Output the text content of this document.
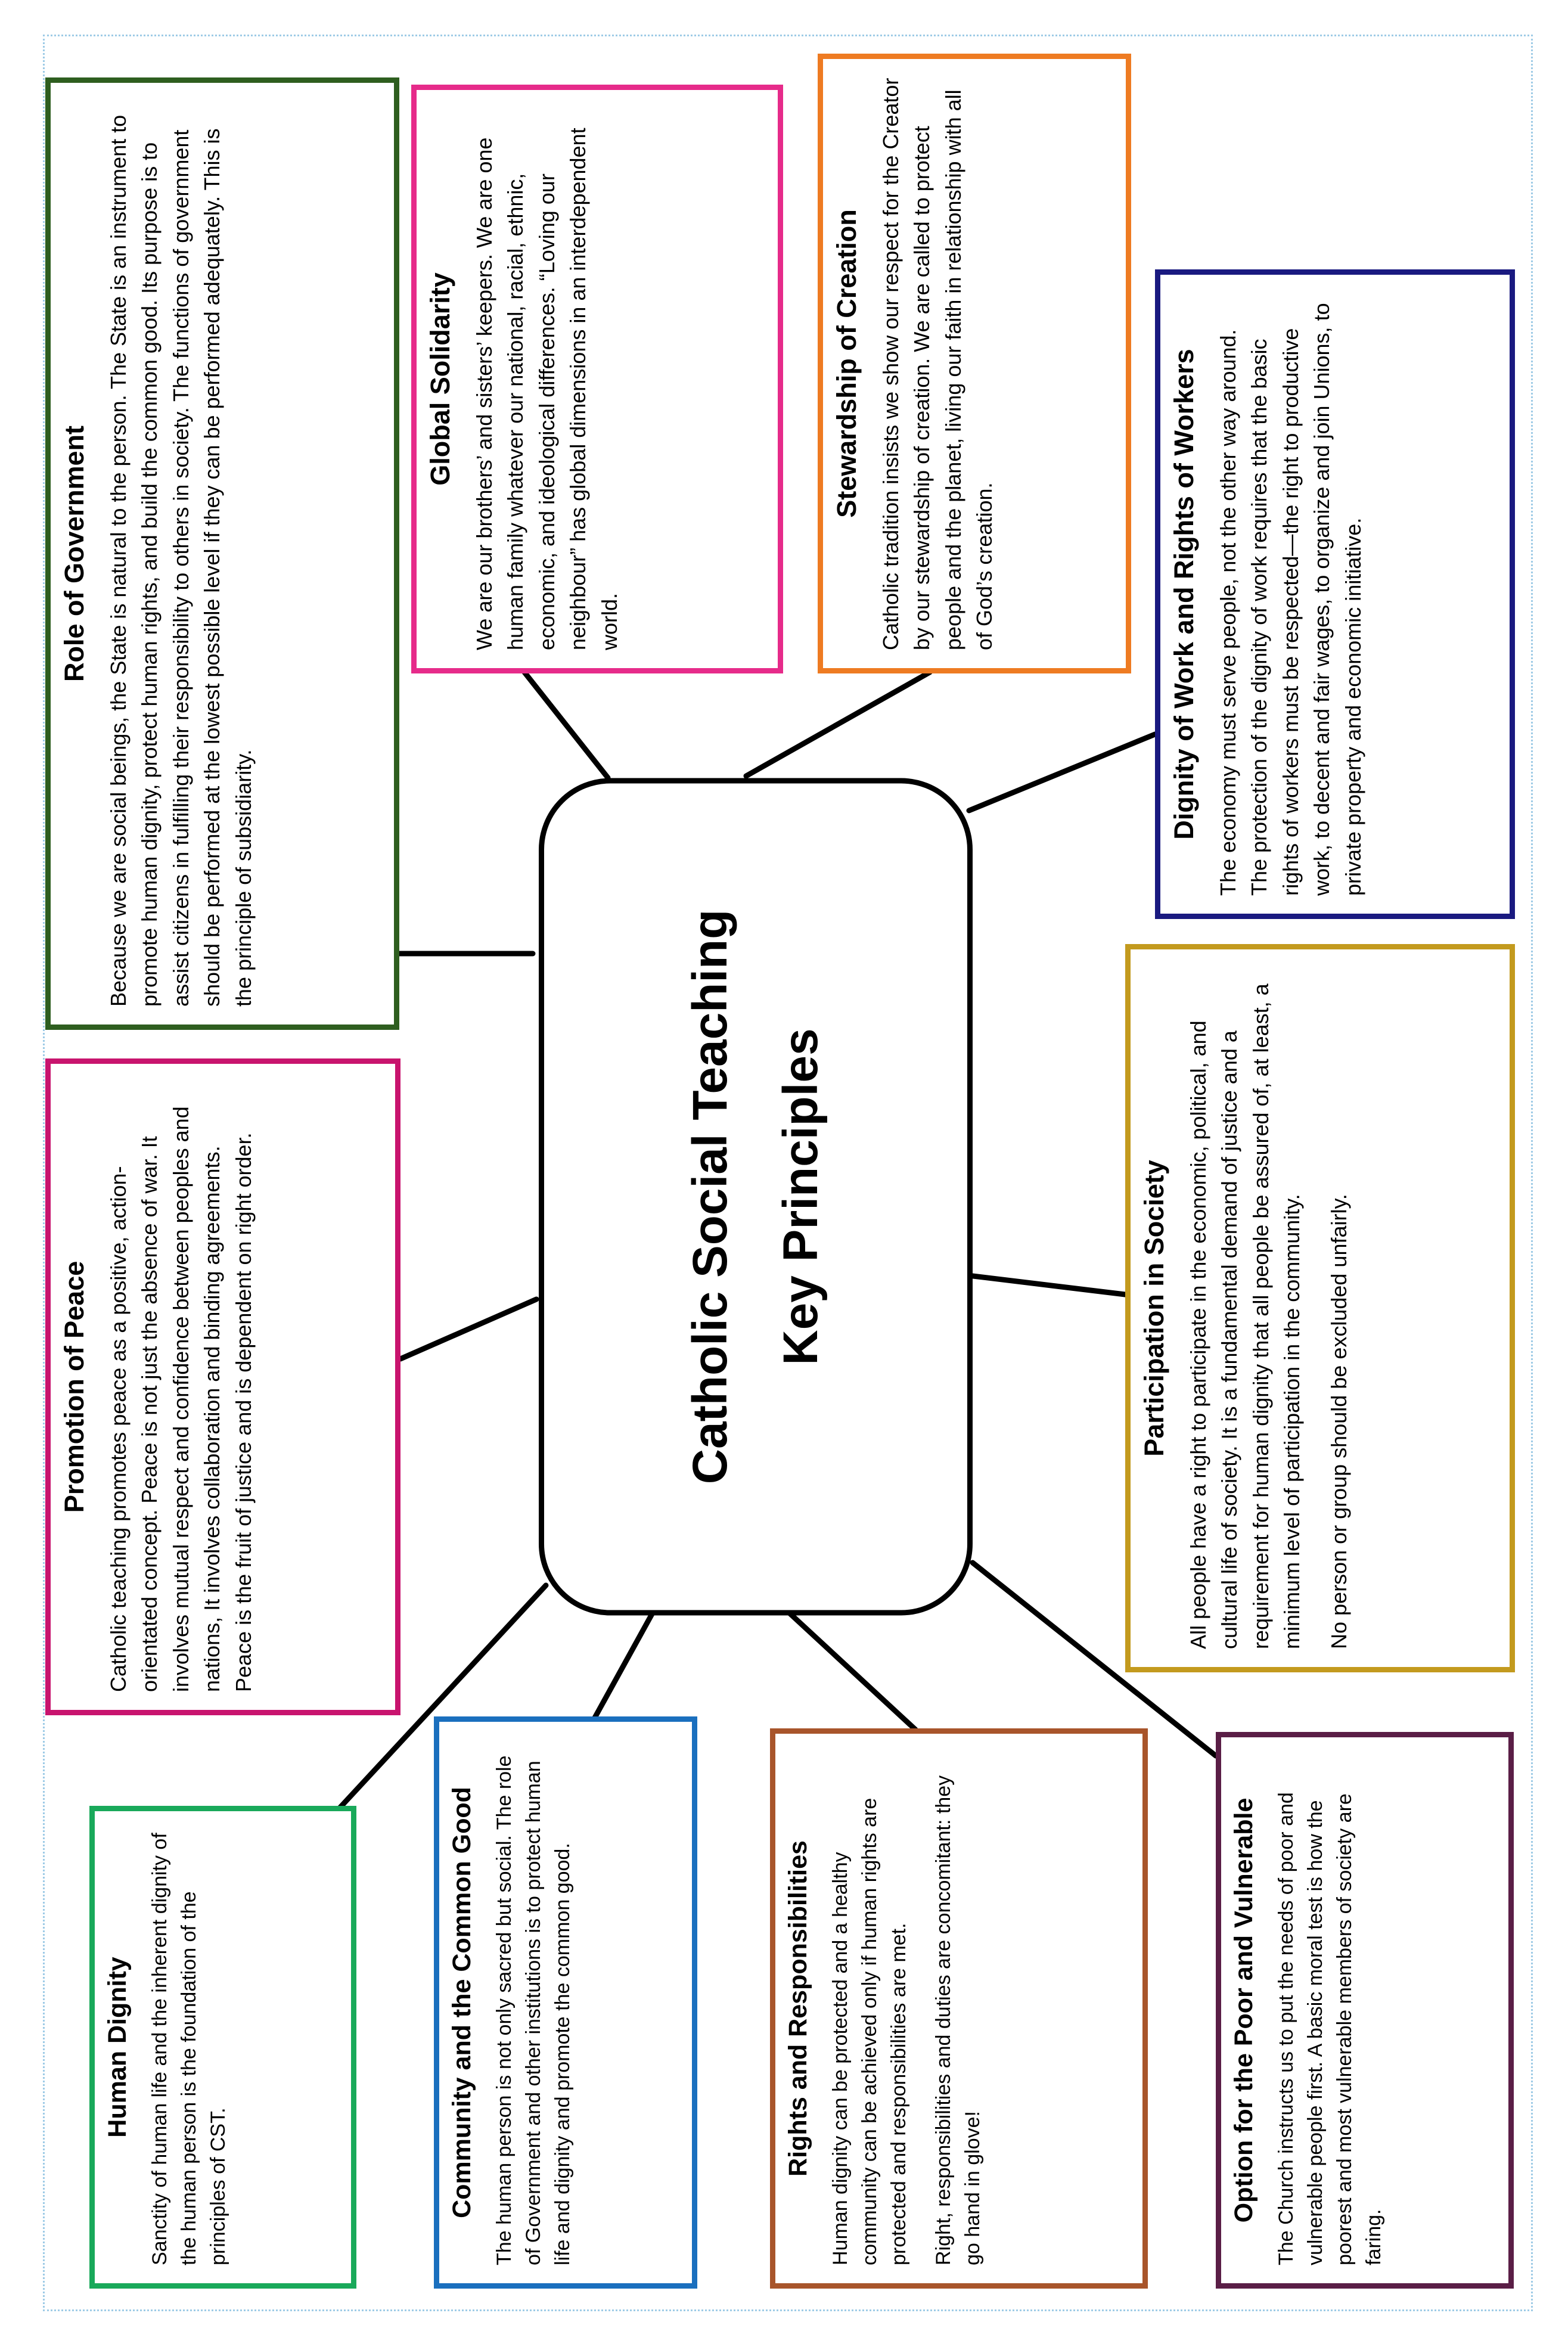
Catholic Social Teaching Key Principles
Role of Government Because we are social beings, the State is natural to the person. The State is an instrument to promote human dignity, protect human rights, and build the common good. Its purpose is to assist citizens in fulfilling their responsibility to others in society. The functions of government should be performed at the lowest possible level if they can be performed adequately. This is the principle of subsidiarity.

Global Solidarity We are our brothers’ and sisters’ keepers. We are one human family whatever our national, racial, ethnic, economic, and ideological differences. “Loving our neighbour” has global dimensions in an interdependent world.

Stewardship of Creation Catholic tradition insists we show our respect for the Creator by our stewardship of creation. We are called to protect people and the planet, living our faith in relationship with all of God’s creation.	Dignity of Work and Rights of Workers The economy must serve people, not the other way around. The protection of the dignity of work requires that the basic rights of workers must be respected—the right to productive work, to decent and fair wages, to organize and join Unions, to private property and economic initiative.

Promotion of Peace Catholic teaching promotes peace as a positive, action-orientated concept. Peace is not just the absence of war. It involves mutual respect and confidence between peoples and nations, It involves collaboration and binding agreements. Peace is the fruit of justice and is dependent on right order.	Participation in Society All people have a right to participate in the economic, political, and cultural life of society. It is a fundamental demand of justice and a requirement for human dignity that all people be assured of, at least, a minimum level of participation in the community. No person or group should be excluded unfairly.

Human Dignity Sanctity of human life and the inherent dignity of the human person is the foundation of the principles of CST.	Community and the Common Good The human person is not only sacred but social. The role of Government and other institutions is to protect human life and dignity and promote the common good.	Rights and Responsibilities Human dignity can be protected and a healthy community can be achieved only if human rights are protected and responsibilities are met. Right, responsibilities and duties are concomitant: they go hand in glove!	Option for the Poor and Vulnerable The Church instructs us to put the needs of poor and vulnerable people first. A basic moral test is how the poorest and most vulnerable members of society are faring.
